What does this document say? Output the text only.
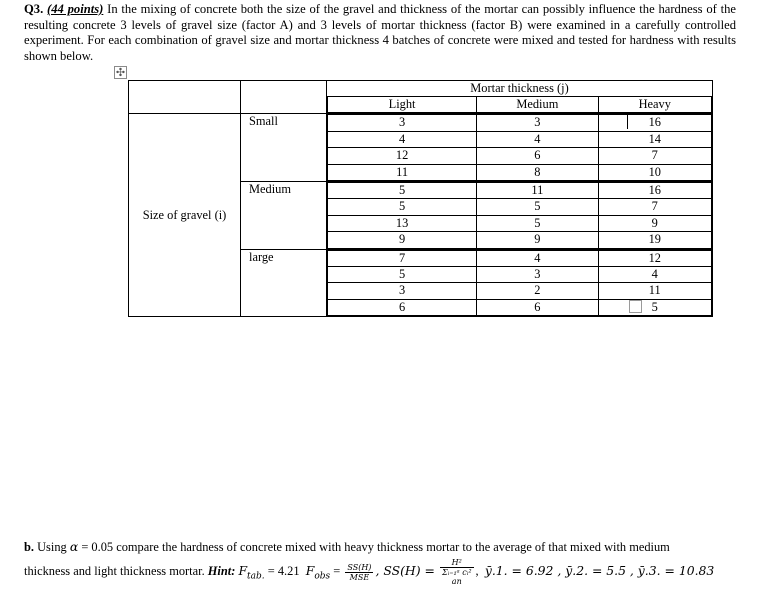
Q3. (44 points) In the mixing of concrete both the size of the gravel and thickness of the mortar can possibly influence the hardness of the resulting concrete 3 levels of gravel size (factor A) and 3 levels of mortar thickness (factor B) were examined in a carefully controlled experiment. For each combination of gravel size and mortar thickness 4 batches of concrete were mixed and tested for hardness with results shown below.

✣

Mortar thickness (j)
Light	Medium	Heavy

Size of gravel (i)	Small		3	3	16
4	4	14
12	6	7
11	8	10

Medium		5	11	16
5	5	7
13	5	9
9	9	19

large		7	4	12
5	3	4
3	2	11
6	6	5
b. Using α = 0.05 compare the hardness of concrete mixed with heavy thickness mortar to the average of that mixed with medium
thickness and light thickness mortar. Hint: $F_{tab.} = 4.21$ $F_{obs} = \frac{SS(H)}{\text{MSE}}$ , SS(H) =
H²
Σᵢ₌₁ᵃ cᵢ²
an
,  ȳ.1. = 6.92 , ȳ.2. = 5.5 , ȳ.3. = 10.83
